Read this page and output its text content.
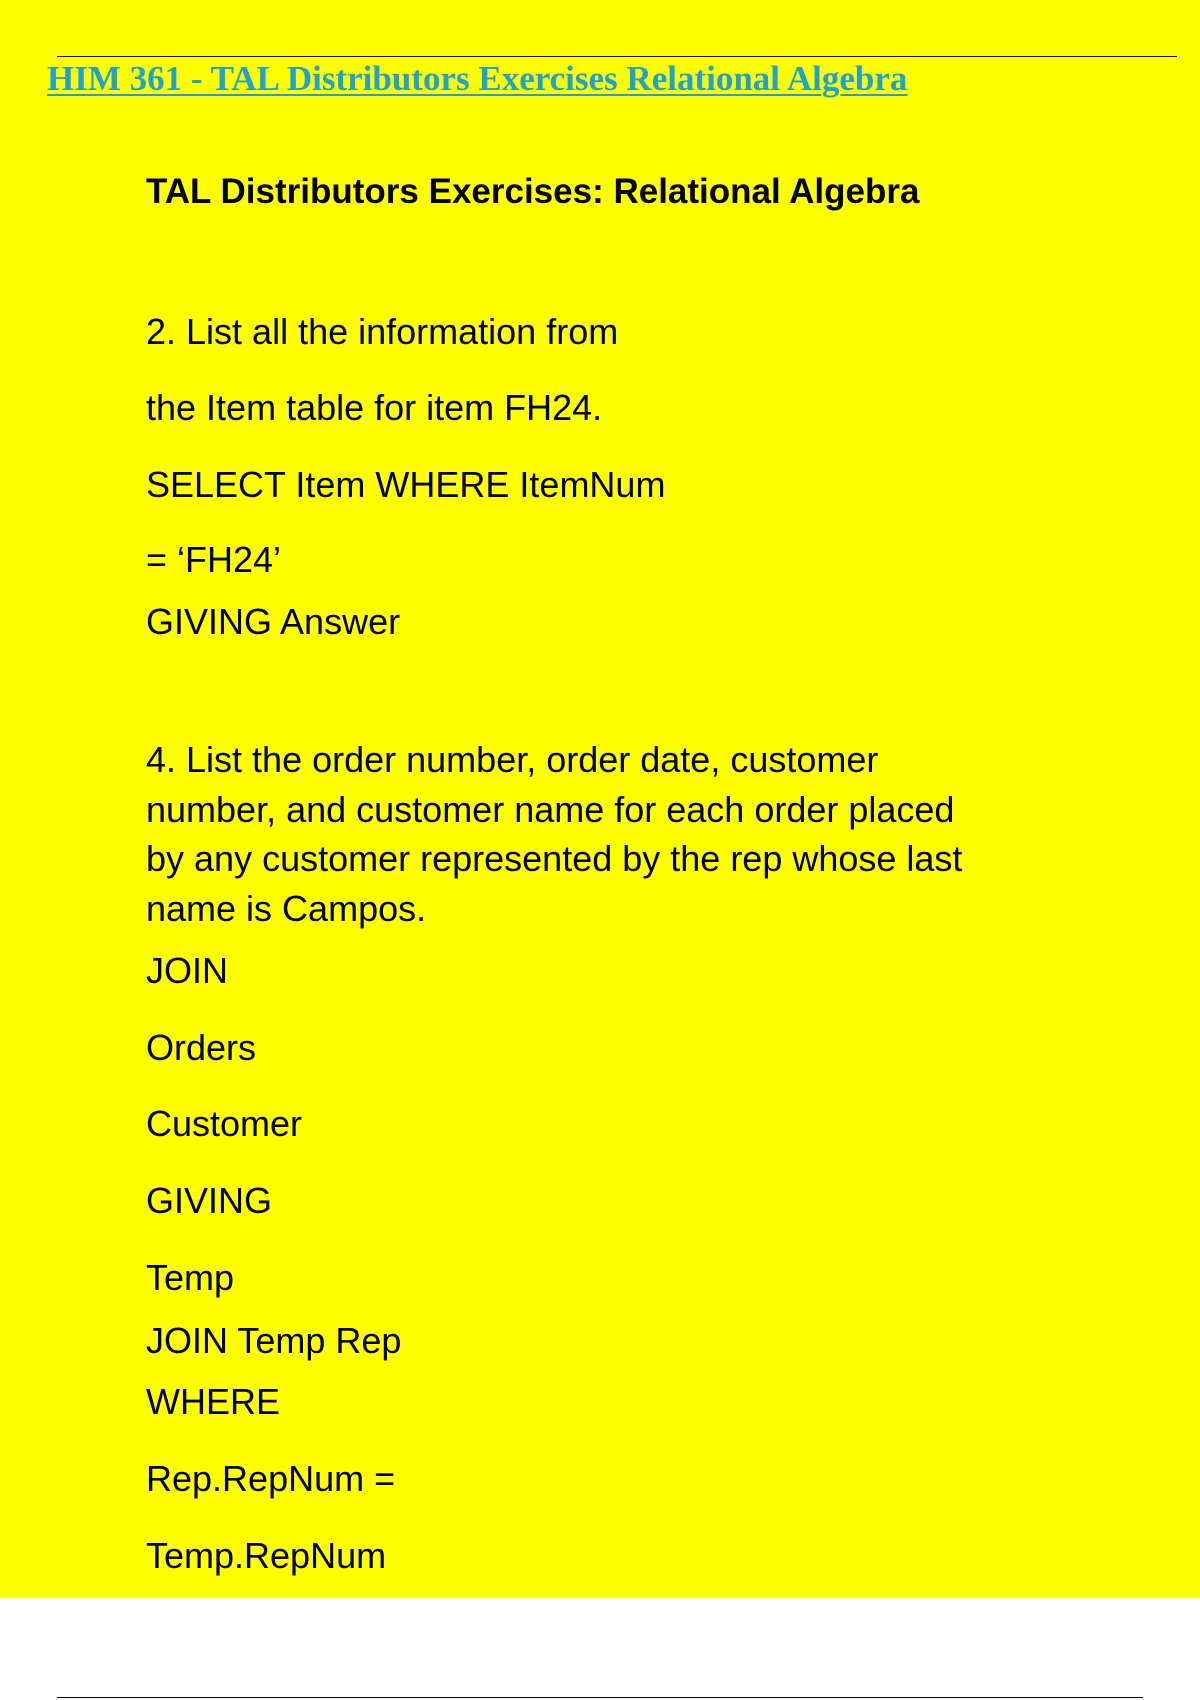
HIM 361 - TAL Distributors Exercises Relational Algebra
TAL Distributors Exercises: Relational Algebra
2. List all the information from
the Item table for item FH24.
SELECT Item WHERE ItemNum
= ‘FH24’
GIVING Answer
4. List the order number, order date, customer
number, and customer name for each order placed
by any customer represented by the rep whose last
name is Campos.
JOIN
Orders
Customer
GIVING
Temp
JOIN Temp Rep
WHERE
Rep.RepNum =
Temp.RepNum
